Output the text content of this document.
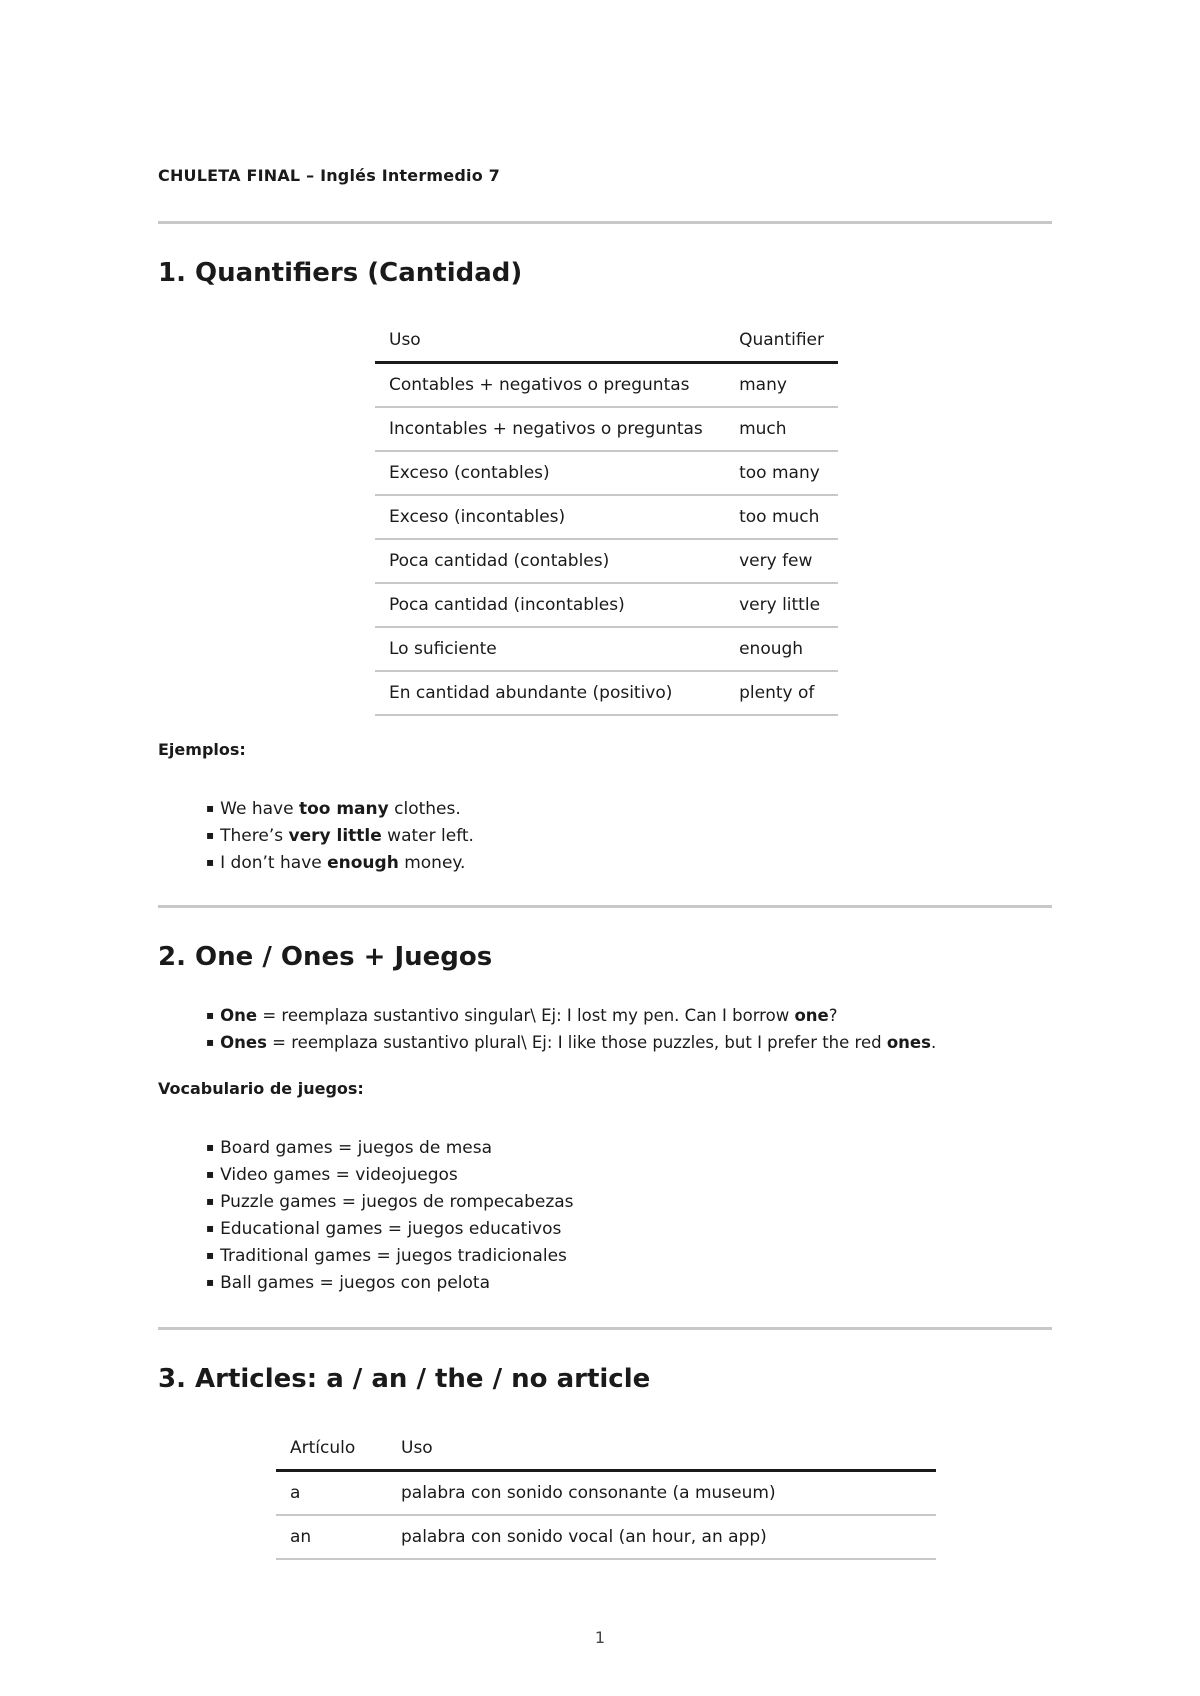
CHULETA FINAL – Inglés Intermedio 7
1. Quantifiers (Cantidad)
Uso	Quantifier
Contables + negativos o preguntas	many
Incontables + negativos o preguntas	much
Exceso (contables)	too many
Exceso (incontables)	too much
Poca cantidad (contables)	very few
Poca cantidad (incontables)	very little
Lo suficiente	enough
En cantidad abundante (positivo)	plenty of
Ejemplos:
▪ We have too many clothes.
▪ There’s very little water left.
▪ I don’t have enough money.
2. One / Ones + Juegos
▪ One = reemplaza sustantivo singular\ Ej: I lost my pen. Can I borrow one?
▪ Ones = reemplaza sustantivo plural\ Ej: I like those puzzles, but I prefer the red ones.
Vocabulario de juegos:
▪ Board games = juegos de mesa
▪ Video games = videojuegos
▪ Puzzle games = juegos de rompecabezas
▪ Educational games = juegos educativos
▪ Traditional games = juegos tradicionales
▪ Ball games = juegos con pelota
3. Articles: a / an / the / no article
Artículo	Uso
a	palabra con sonido consonante (a museum)
an	palabra con sonido vocal (an hour, an app)
1
